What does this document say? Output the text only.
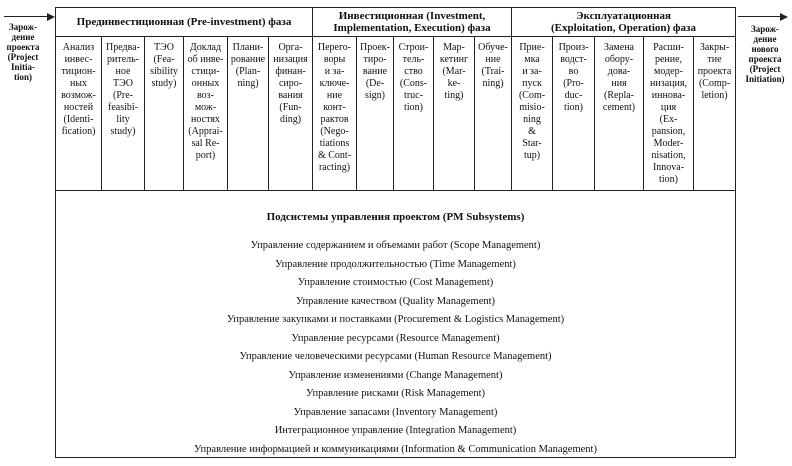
Зарож-
дение
проекта
(Project
Initia-
tion)
Зарож-
дение
нового
проекта
(Project
Initiation)
Прединвестиционная (Pre-investment) фаза	Инвестиционная (Investment,
Implementation, Execution) фаза
Эксплуатационная
(Exploitation, Operation) фаза
Анализ
инвес-
тицион-
ных
возмож-
ностей
(Identi-
fication)
Предва-
ритель-
ное
ТЭО
(Pre-
feasibi-
lity
study)
ТЭО
(Fea-
sibility
study)
Доклад
об инве-
стици-
онных
воз-
мож-
ностях
(Apprai-
sal Re-
port)
Плани-
рование
(Plan-
ning)
Орга-
низация
финан-
сиро-
вания
(Fun-
ding)
Перего-
воры
и за-
ключе-
ние
конт-
рактов
(Nego-
tiations
& Cont-
racting)
Проек-
тиро-
вание
(De-
sign)
Строи-
тель-
ство
(Cons-
truc-
tion)
Мар-
кетинг
(Mar-
ke-
ting)
Обуче-
ние
(Trai-
ning)
Прие-
мка
и за-
пуск
(Com-
misio-
ning
&
Star-
tup)
Произ-
водст-
во
(Pro-
duc-
tion)
Замена
обору-
дова-
ния
(Repla-
cement)
Расши-
рение,
модер-
низация,
иннова-
ция
(Ex-
pansion,
Moder-
nisation,
Innova-
tion)
Закры-
тие
проекта
(Comp-
letion)
Подсистемы управления проектом (PM Subsystems)
Управление содержанием и объемами работ (Scope Management)
Управление продолжительностью (Time Management)
Управление стоимостью (Cost Management)
Управление качеством (Quality Management)
Управление закупками и поставками (Procurement & Logistics Management)
Управление ресурсами (Resource Management)
Управление человеческими ресурсами (Human Resource Management)
Управление изменениями (Change Management)
Управление рисками (Risk Management)
Управление запасами (Inventory Management)
Интеграционное управление (Integration Management)
Управление информацией и коммуникациями (Information & Communication Management)
